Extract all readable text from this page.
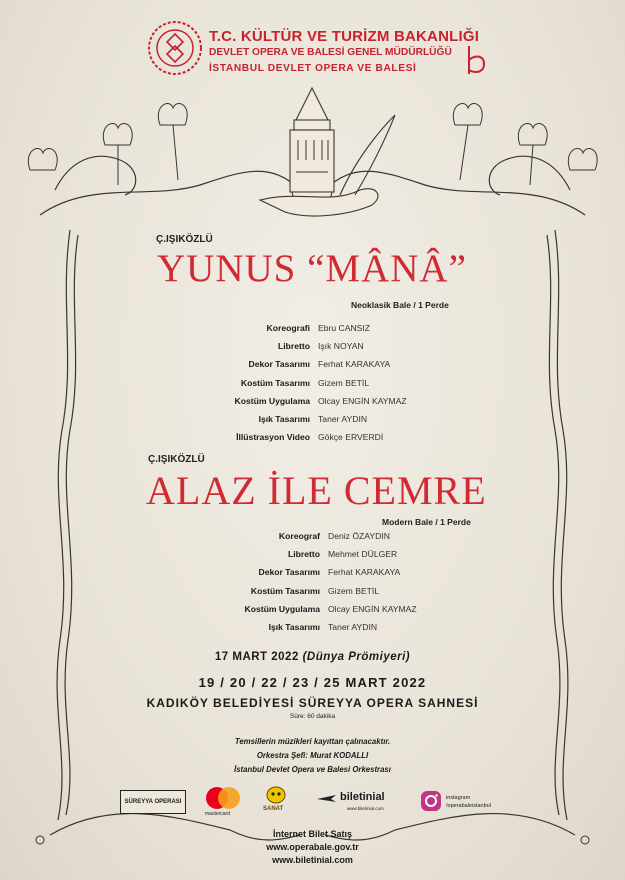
T.C. KÜLTÜR VE TURİZM BAKANLIĞI
DEVLET OPERA VE BALESİ GENEL MÜDÜRLÜĞÜ
İSTANBUL DEVLET OPERA VE BALESİ
Ç.IŞIKÖZLÜ
YUNUS “MÂNÂ”
Neoklasik Bale / 1 Perde
Koreografi Ebru CANSIZ
Libretto Işık NOYAN
Dekor Tasarımı Ferhat KARAKAYA
Kostüm Tasarımı Gizem BETİL
Kostüm Uygulama Olcay ENGİN KAYMAZ
Işık Tasarımı Taner AYDIN
İllüstrasyon Video Gökçe ERVERDİ
Ç.IŞIKÖZLÜ
ALAZ İLE CEMRE
Modern Bale / 1 Perde
Koreograf Deniz ÖZAYDIN
Libretto Mehmet DÜLGER
Dekor Tasarımı Ferhat KARAKAYA
Kostüm Tasarımı Gizem BETİL
Kostüm Uygulama Olcay ENGİN KAYMAZ
Işık Tasarımı Taner AYDIN
17 MART 2022 (Dünya Prömiyeri)
19 / 20 / 22 / 23 / 25 MART 2022
KADIKÖY BELEDİYESİ SÜREYYA OPERA SAHNESİ
Süre: 60 dakika
Temsillerin müzikleri kayıttan çalınacaktır.
Orkestra Şefi: Murat KODALLI
İstanbul Devlet Opera ve Balesi Orkestrası
SÜREYYA OPERASI
mastercard
SANAT
biletinial
www.biletinial.com
instagram
/operabaleistanbul
İnternet Bilet Satış
www.operabale.gov.tr
www.biletinial.com
